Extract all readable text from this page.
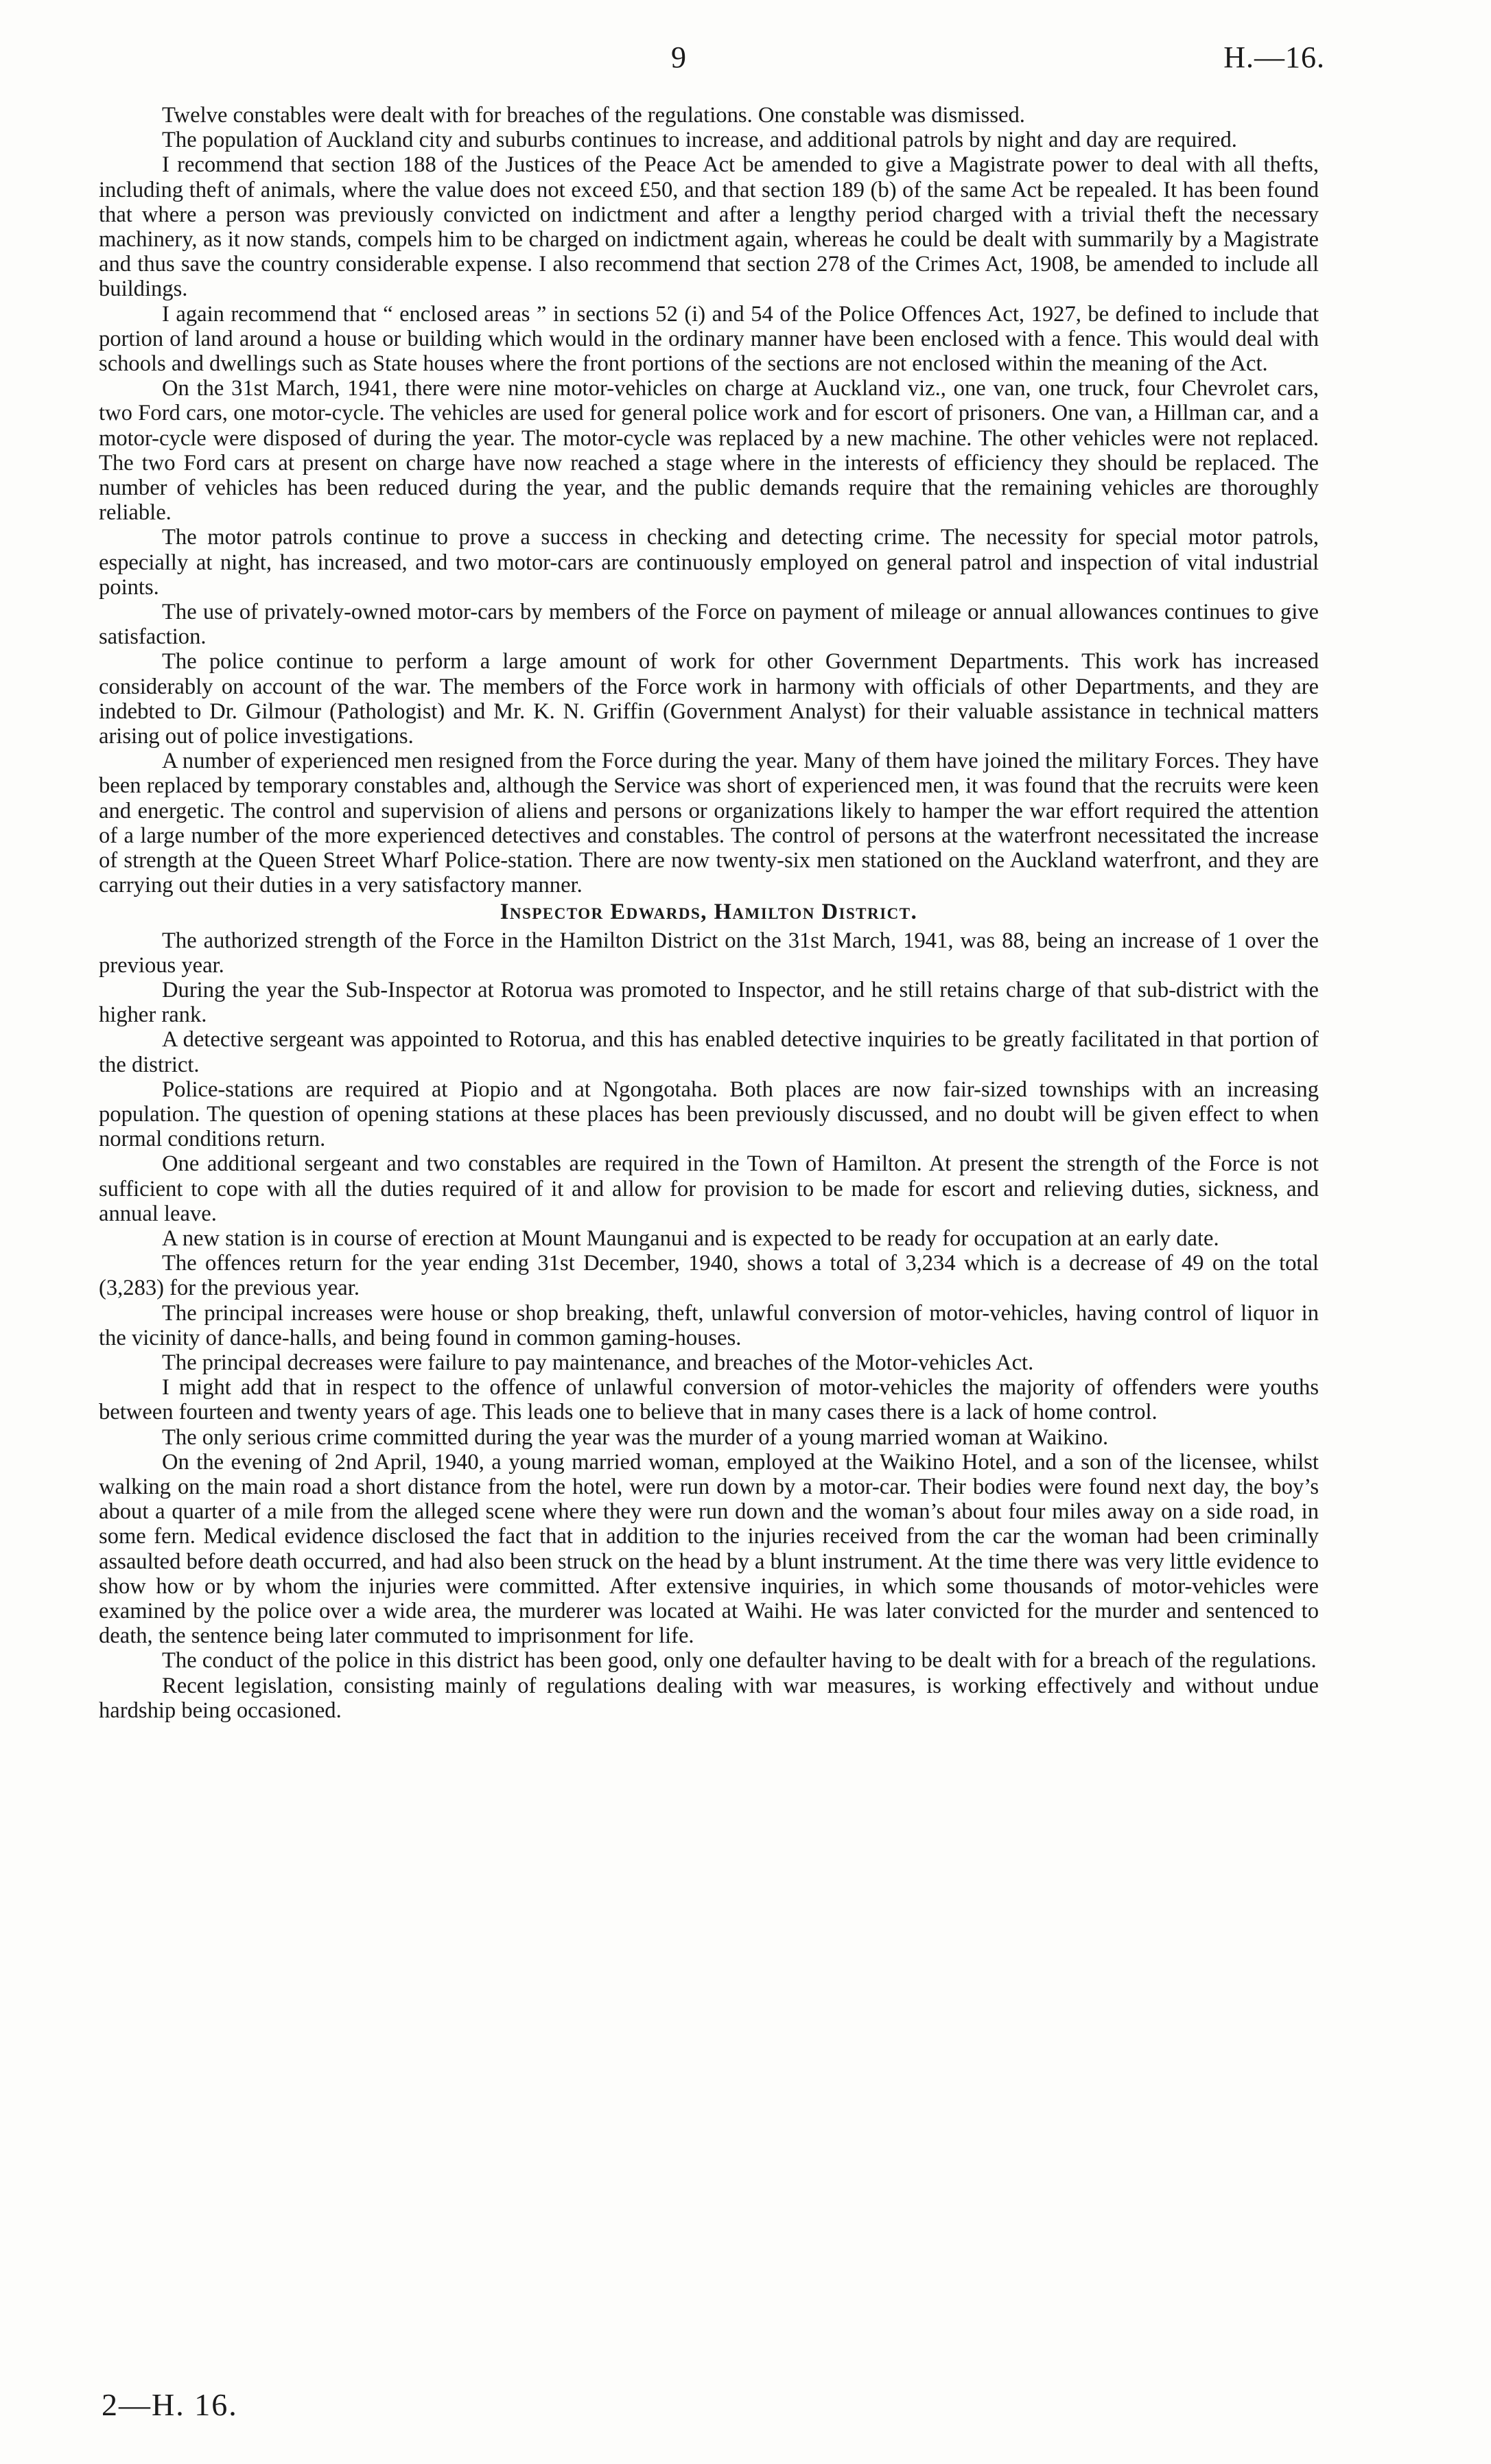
9	H.—16.

Twelve constables were dealt with for breaches of the regulations. One constable was dismissed.

The population of Auckland city and suburbs continues to increase, and additional patrols by night and day are required.

I recommend that section 188 of the Justices of the Peace Act be amended to give a Magistrate power to deal with all thefts, including theft of animals, where the value does not exceed £50, and that section 189 (b) of the same Act be repealed. It has been found that where a person was previously convicted on indictment and after a lengthy period charged with a trivial theft the necessary machinery, as it now stands, compels him to be charged on indictment again, whereas he could be dealt with summarily by a Magistrate and thus save the country considerable expense. I also recommend that section 278 of the Crimes Act, 1908, be amended to include all buildings.

I again recommend that “ enclosed areas ” in sections 52 (i) and 54 of the Police Offences Act, 1927, be defined to include that portion of land around a house or building which would in the ordinary manner have been enclosed with a fence. This would deal with schools and dwellings such as State houses where the front portions of the sections are not enclosed within the meaning of the Act.

On the 31st March, 1941, there were nine motor-vehicles on charge at Auckland viz., one van, one truck, four Chevrolet cars, two Ford cars, one motor-cycle. The vehicles are used for general police work and for escort of prisoners. One van, a Hillman car, and a motor-cycle were disposed of during the year. The motor-cycle was replaced by a new machine. The other vehicles were not replaced. The two Ford cars at present on charge have now reached a stage where in the interests of efficiency they should be replaced. The number of vehicles has been reduced during the year, and the public demands require that the remaining vehicles are thoroughly reliable.

The motor patrols continue to prove a success in checking and detecting crime. The necessity for special motor patrols, especially at night, has increased, and two motor-cars are continuously employed on general patrol and inspection of vital industrial points.

The use of privately-owned motor-cars by members of the Force on payment of mileage or annual allowances continues to give satisfaction.

The police continue to perform a large amount of work for other Government Departments. This work has increased considerably on account of the war. The members of the Force work in harmony with officials of other Departments, and they are indebted to Dr. Gilmour (Pathologist) and Mr. K. N. Griffin (Government Analyst) for their valuable assistance in technical matters arising out of police investigations.

A number of experienced men resigned from the Force during the year. Many of them have joined the military Forces. They have been replaced by temporary constables and, although the Service was short of experienced men, it was found that the recruits were keen and energetic. The control and supervision of aliens and persons or organizations likely to hamper the war effort required the attention of a large number of the more experienced detectives and constables. The control of persons at the waterfront necessitated the increase of strength at the Queen Street Wharf Police-station. There are now twenty-six men stationed on the Auckland waterfront, and they are carrying out their duties in a very satisfactory manner.

Inspector Edwards, Hamilton District.

The authorized strength of the Force in the Hamilton District on the 31st March, 1941, was 88, being an increase of 1 over the previous year.

During the year the Sub-Inspector at Rotorua was promoted to Inspector, and he still retains charge of that sub-district with the higher rank.

A detective sergeant was appointed to Rotorua, and this has enabled detective inquiries to be greatly facilitated in that portion of the district.

Police-stations are required at Piopio and at Ngongotaha. Both places are now fair-sized townships with an increasing population. The question of opening stations at these places has been previously discussed, and no doubt will be given effect to when normal conditions return.

One additional sergeant and two constables are required in the Town of Hamilton. At present the strength of the Force is not sufficient to cope with all the duties required of it and allow for provision to be made for escort and relieving duties, sickness, and annual leave.

A new station is in course of erection at Mount Maunganui and is expected to be ready for occupation at an early date.

The offences return for the year ending 31st December, 1940, shows a total of 3,234 which is a decrease of 49 on the total (3,283) for the previous year.

The principal increases were house or shop breaking, theft, unlawful conversion of motor-vehicles, having control of liquor in the vicinity of dance-halls, and being found in common gaming-houses.

The principal decreases were failure to pay maintenance, and breaches of the Motor-vehicles Act.

I might add that in respect to the offence of unlawful conversion of motor-vehicles the majority of offenders were youths between fourteen and twenty years of age. This leads one to believe that in many cases there is a lack of home control.

The only serious crime committed during the year was the murder of a young married woman at Waikino.

On the evening of 2nd April, 1940, a young married woman, employed at the Waikino Hotel, and a son of the licensee, whilst walking on the main road a short distance from the hotel, were run down by a motor-car. Their bodies were found next day, the boy’s about a quarter of a mile from the alleged scene where they were run down and the woman’s about four miles away on a side road, in some fern. Medical evidence disclosed the fact that in addition to the injuries received from the car the woman had been criminally assaulted before death occurred, and had also been struck on the head by a blunt instrument. At the time there was very little evidence to show how or by whom the injuries were committed. After extensive inquiries, in which some thousands of motor-vehicles were examined by the police over a wide area, the murderer was located at Waihi. He was later convicted for the murder and sentenced to death, the sentence being later commuted to imprisonment for life.

The conduct of the police in this district has been good, only one defaulter having to be dealt with for a breach of the regulations.

Recent legislation, consisting mainly of regulations dealing with war measures, is working effectively and without undue hardship being occasioned.

2—H. 16.
